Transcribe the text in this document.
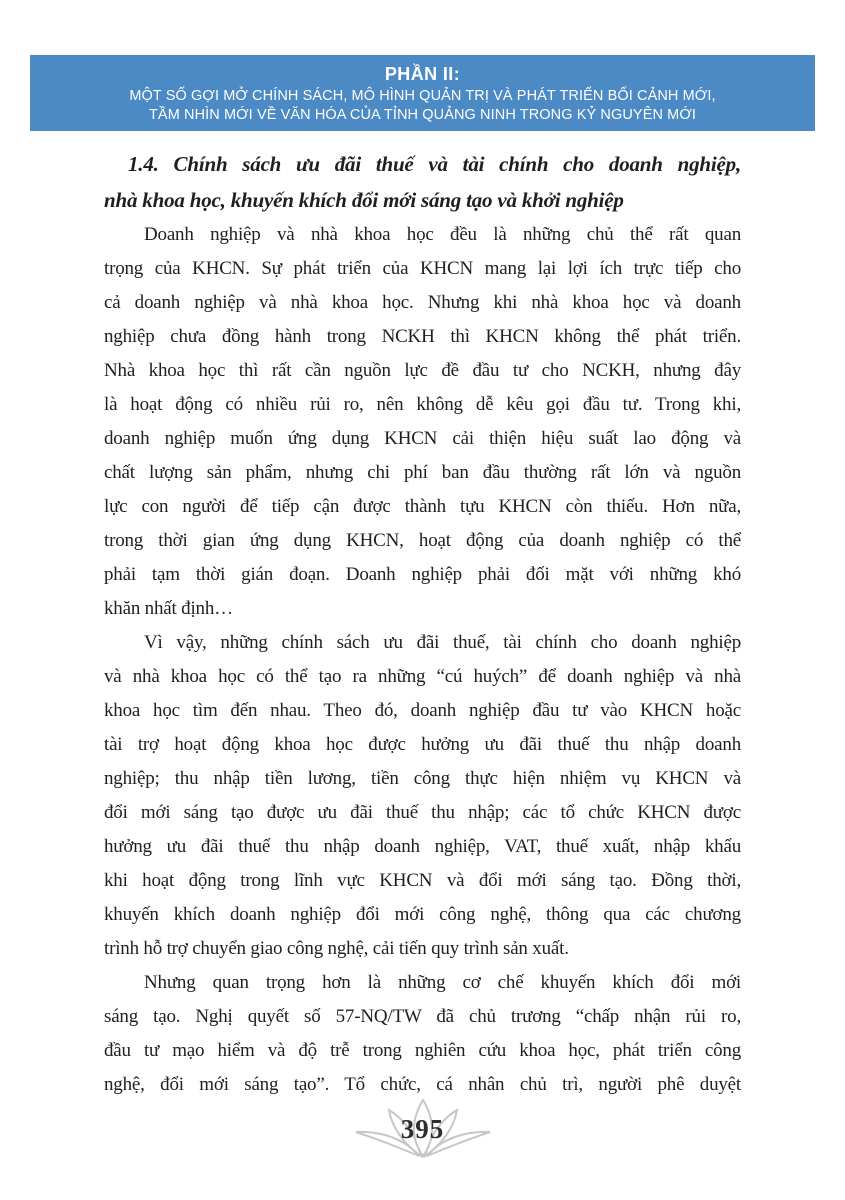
PHẦN II:
MỘT SỐ GỢI MỞ CHÍNH SÁCH, MÔ HÌNH QUẢN TRỊ VÀ PHÁT TRIỂN BỐI CẢNH MỚI,
TẦM NHÌN MỚI VỀ VĂN HÓA CỦA TỈNH QUẢNG NINH TRONG KỶ NGUYÊN MỚI
1.4. Chính sách ưu đãi thuế và tài chính cho doanh nghiệp,
nhà khoa học, khuyến khích đổi mới sáng tạo và khởi nghiệp
Doanh nghiệp và nhà khoa học đều là những chủ thể rất quan
trọng của KHCN. Sự phát triển của KHCN mang lại lợi ích trực tiếp cho
cả doanh nghiệp và nhà khoa học. Nhưng khi nhà khoa học và doanh
nghiệp chưa đồng hành trong NCKH thì KHCN không thể phát triển.
Nhà khoa học thì rất cần nguồn lực đề đầu tư cho NCKH, nhưng đây
là hoạt động có nhiều rủi ro, nên không dễ kêu gọi đầu tư. Trong khi,
doanh nghiệp muốn ứng dụng KHCN cải thiện hiệu suất lao động và
chất lượng sản phẩm, nhưng chi phí ban đầu thường rất lớn và nguồn
lực con người để tiếp cận được thành tựu KHCN còn thiếu. Hơn nữa,
trong thời gian ứng dụng KHCN, hoạt động của doanh nghiệp có thể
phải tạm thời gián đoạn. Doanh nghiệp phải đối mặt với những khó
khăn nhất định…
Vì vậy, những chính sách ưu đãi thuế, tài chính cho doanh nghiệp
và nhà khoa học có thể tạo ra những “cú huých” để doanh nghiệp và nhà
khoa học tìm đến nhau. Theo đó, doanh nghiệp đầu tư vào KHCN hoặc
tài trợ hoạt động khoa học được hưởng ưu đãi thuế thu nhập doanh
nghiệp; thu nhập tiền lương, tiền công thực hiện nhiệm vụ KHCN và
đổi mới sáng tạo được ưu đãi thuế thu nhập; các tổ chức KHCN được
hưởng ưu đãi thuế thu nhập doanh nghiệp, VAT, thuế xuất, nhập khẩu
khi hoạt động trong lĩnh vực KHCN và đổi mới sáng tạo. Đồng thời,
khuyến khích doanh nghiệp đổi mới công nghệ, thông qua các chương
trình hỗ trợ chuyển giao công nghệ, cải tiến quy trình sản xuất.
Nhưng quan trọng hơn là những cơ chế khuyến khích đổi mới
sáng tạo. Nghị quyết số 57-NQ/TW đã chủ trương “chấp nhận rủi ro,
đầu tư mạo hiểm và độ trễ trong nghiên cứu khoa học, phát triển công
nghệ, đổi mới sáng tạo”. Tổ chức, cá nhân chủ trì, người phê duyệt
395
